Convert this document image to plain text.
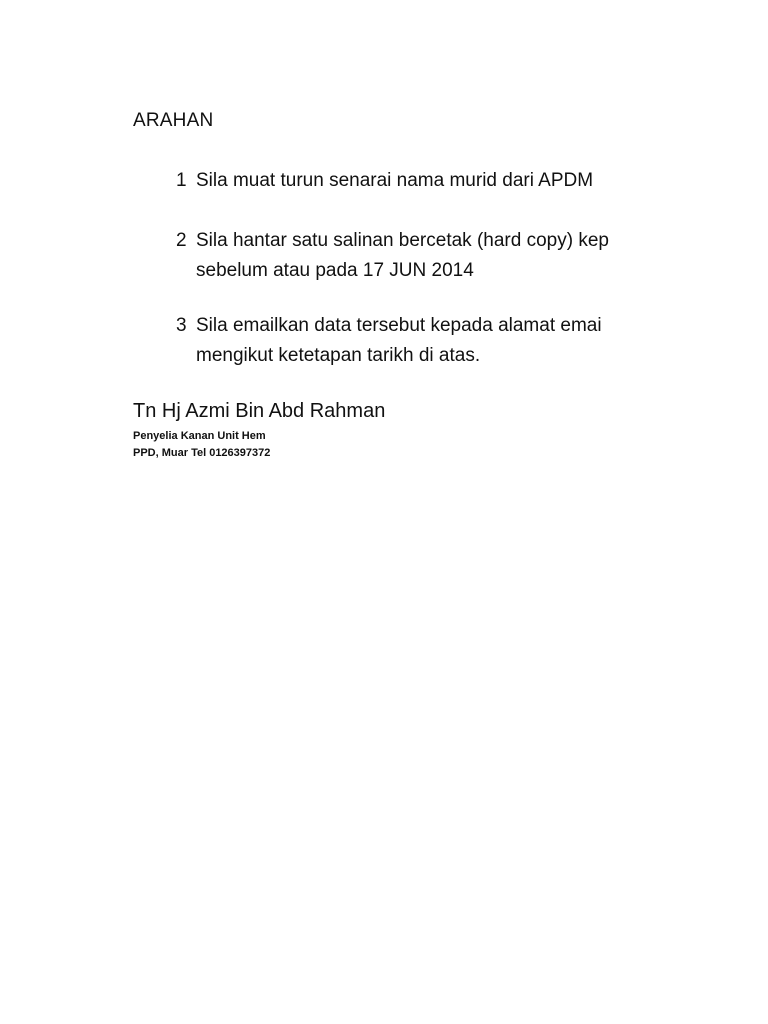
ARAHAN
1 Sila muat turun senarai nama murid dari APDM
2 Sila hantar satu salinan bercetak (hard copy) kep
sebelum atau pada 17 JUN 2014
3 Sila emailkan data tersebut kepada alamat emai
mengikut ketetapan tarikh di atas.
Tn Hj Azmi Bin Abd Rahman
Penyelia Kanan Unit Hem
PPD, Muar Tel 0126397372
